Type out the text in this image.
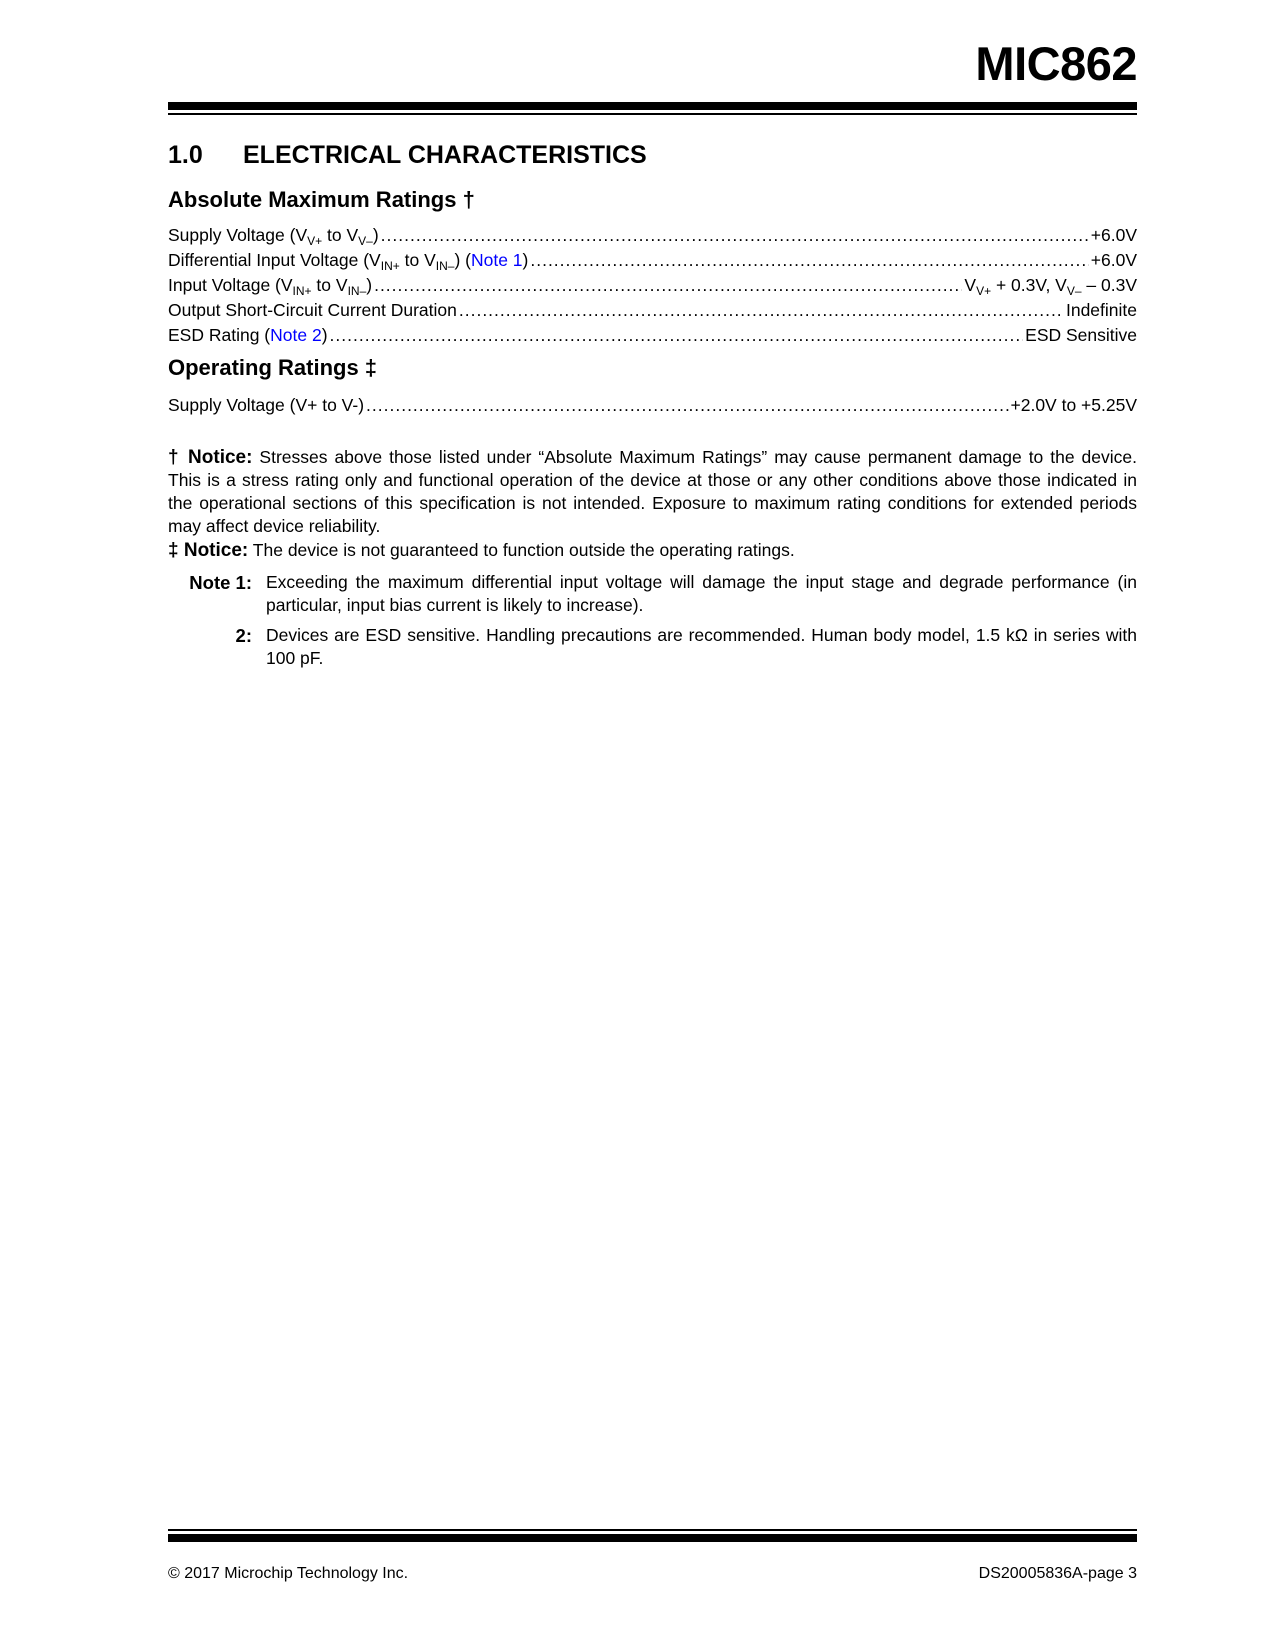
MIC862
1.0 ELECTRICAL CHARACTERISTICS
Absolute Maximum Ratings †
Supply Voltage ($V_{V+}$ to $V_{V-}$) .....	+6.0V
Differential Input Voltage ($V_{IN+}$ to $V_{IN-}$) (Note 1) .....	+6.0V
Input Voltage ($V_{IN+}$ to $V_{IN-}$) .....	$V_{V+} + 0.3V$, $V_{V-} - 0.3V$
Output Short-Circuit Current Duration .....	Indefinite
ESD Rating (Note 2) .....	ESD Sensitive
Operating Ratings ‡
Supply Voltage (V+ to V-) .....	+2.0V to +5.25V
† Notice: Stresses above those listed under “Absolute Maximum Ratings” may cause permanent damage to the device. This is a stress rating only and functional operation of the device at those or any other conditions above those indicated in the operational sections of this specification is not intended. Exposure to maximum rating conditions for extended periods may affect device reliability.
‡ Notice: The device is not guaranteed to function outside the operating ratings.
Note 1: Exceeding the maximum differential input voltage will damage the input stage and degrade performance (in particular, input bias current is likely to increase).
2: Devices are ESD sensitive. Handling precautions are recommended. Human body model, 1.5 kΩ in series with 100 pF.
© 2017 Microchip Technology Inc.	DS20005836A-page 3
